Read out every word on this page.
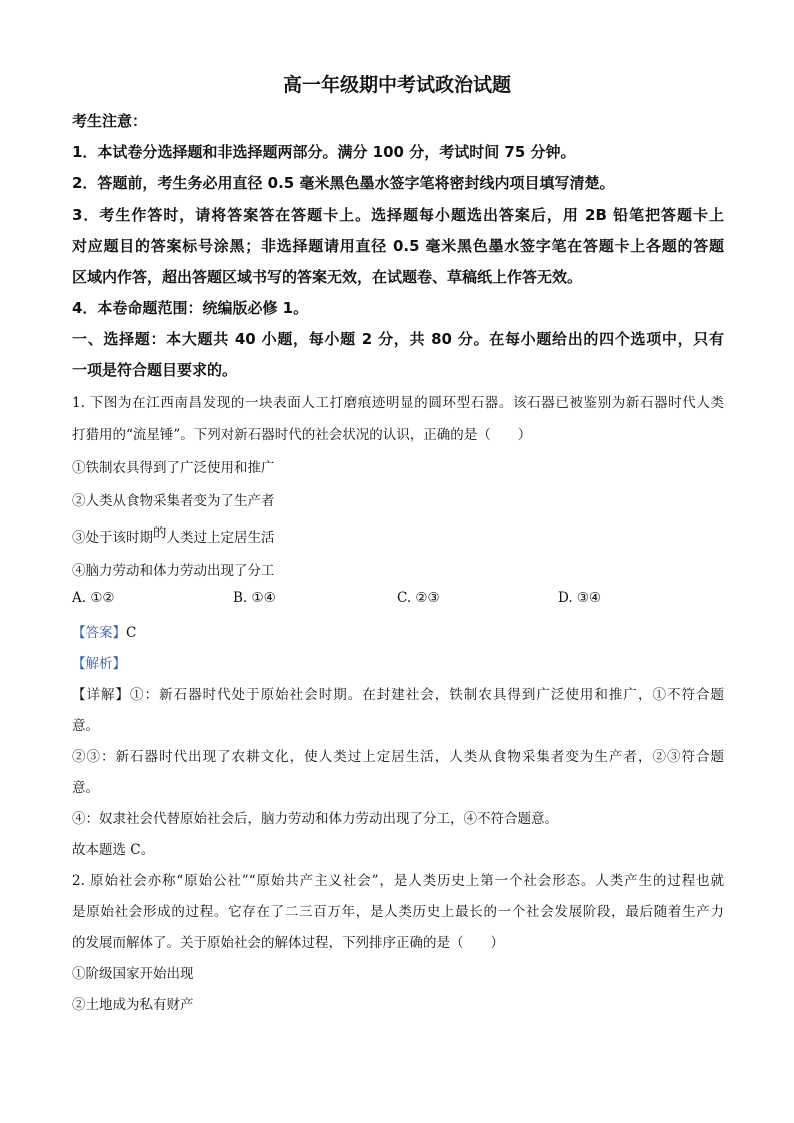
高一年级期中考试政治试题
考生注意：
1．本试卷分选择题和非选择题两部分。满分 100 分，考试时间 75 分钟。
2．答题前，考生务必用直径 0.5 毫米黑色墨水签字笔将密封线内项目填写清楚。
3．考生作答时，请将答案答在答题卡上。选择题每小题选出答案后，用 2B 铅笔把答题卡上
对应题目的答案标号涂黑；非选择题请用直径 0.5 毫米黑色墨水签字笔在答题卡上各题的答题
区域内作答，超出答题区域书写的答案无效，在试题卷、草稿纸上作答无效。
4．本卷命题范围：统编版必修 1。
一、选择题：本大题共 40 小题，每小题 2 分，共 80 分。在每小题给出的四个选项中，只有
一项是符合题目要求的。
1. 下图为在江西南昌发现的一块表面人工打磨痕迹明显的圆环型石器。该石器已被鉴别为新石器时代人类
打猎用的“流星锤”。下列对新石器时代的社会状况的认识，正确的是（　　）
①铁制农具得到了广泛使用和推广
②人类从食物采集者变为了生产者
③处于该时期的人类过上定居生活
④脑力劳动和体力劳动出现了分工
A. ①②	B. ①④	C. ②③	D. ③④
【答案】C
【解析】
【详解】①：新石器时代处于原始社会时期。在封建社会，铁制农具得到广泛使用和推广，①不符合题
意。
②③：新石器时代出现了农耕文化，使人类过上定居生活，人类从食物采集者变为生产者，②③符合题
意。
④：奴隶社会代替原始社会后，脑力劳动和体力劳动出现了分工，④不符合题意。
故本题选 C。
2. 原始社会亦称“原始公社”“原始共产主义社会”，是人类历史上第一个社会形态。人类产生的过程也就
是原始社会形成的过程。它存在了二三百万年，是人类历史上最长的一个社会发展阶段，最后随着生产力
的发展而解体了。关于原始社会的解体过程，下列排序正确的是（　　）
①阶级国家开始出现
②土地成为私有财产
